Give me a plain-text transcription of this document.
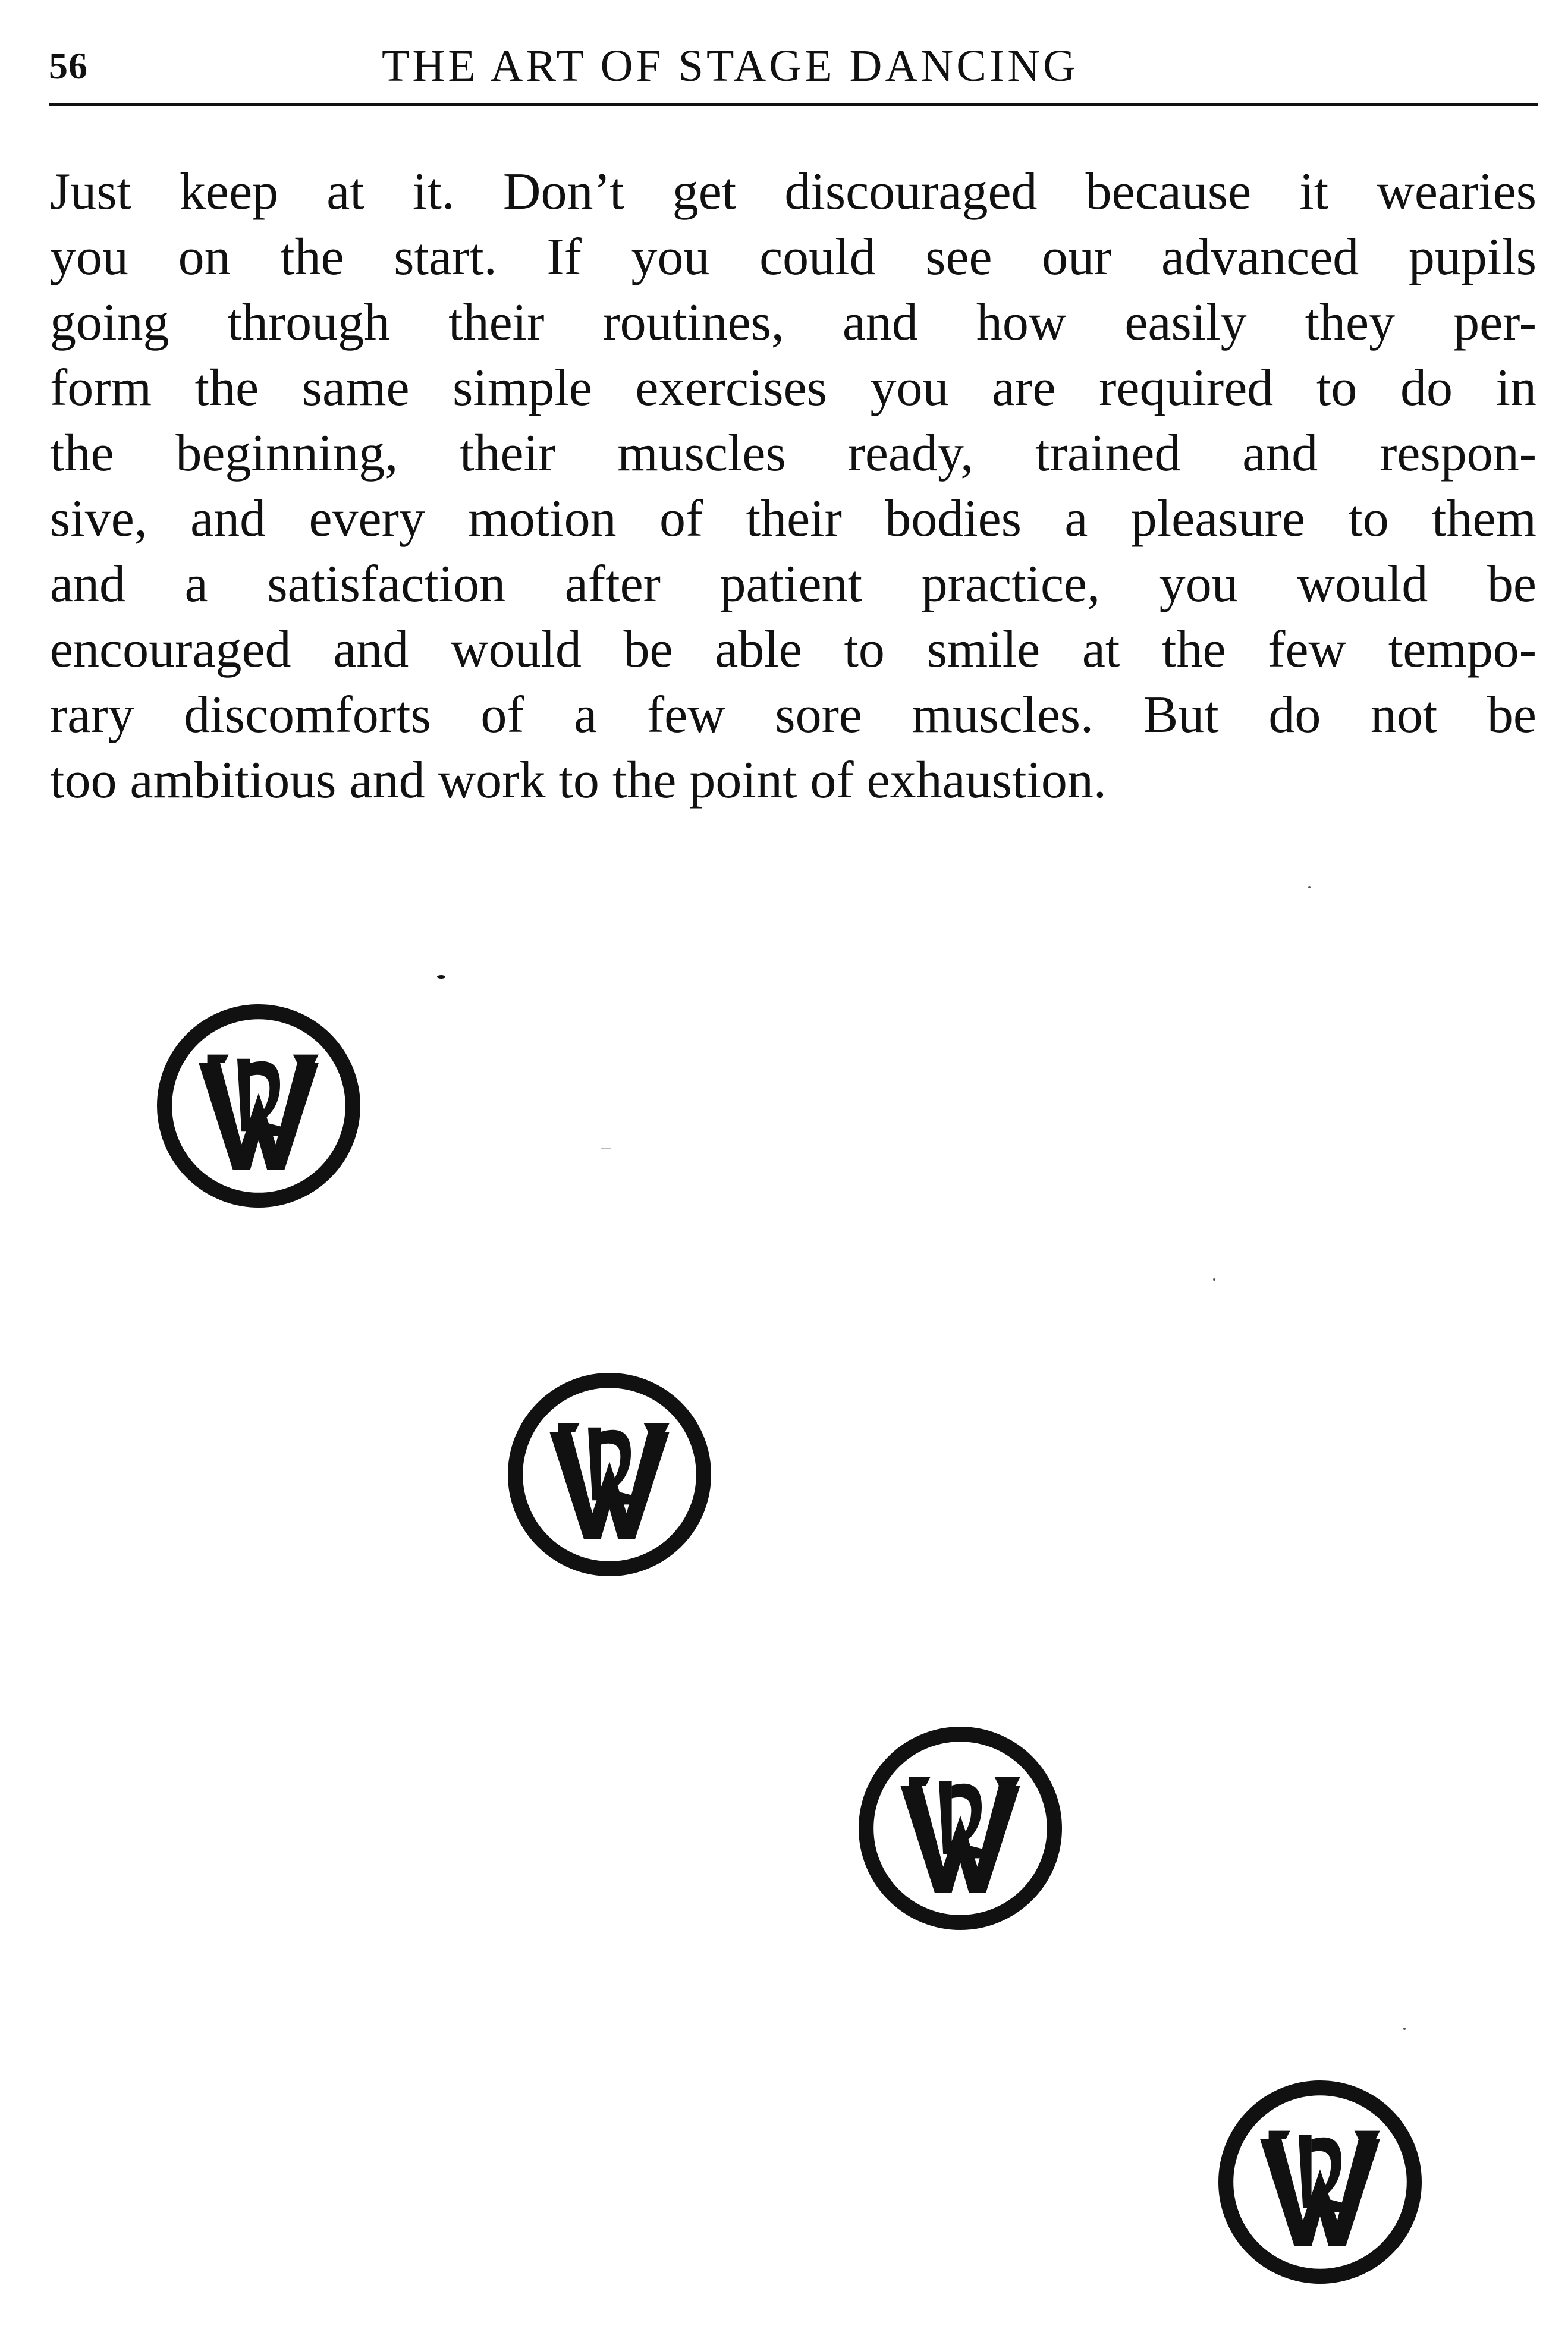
56	THE ART OF STAGE DANCING
Just keep at it. Don’t get discouraged because it wearies
you on the start. If you could see our advanced pupils
going through their routines, and how easily they per-
form the same simple exercises you are required to do in
the beginning, their muscles ready, trained and respon-
sive, and every motion of their bodies a pleasure to them
and a satisfaction after patient practice, you would be
encouraged and would be able to smile at the few tempo-
rary discomforts of a few sore muscles. But do not be
too ambitious and work to the point of exhaustion.
